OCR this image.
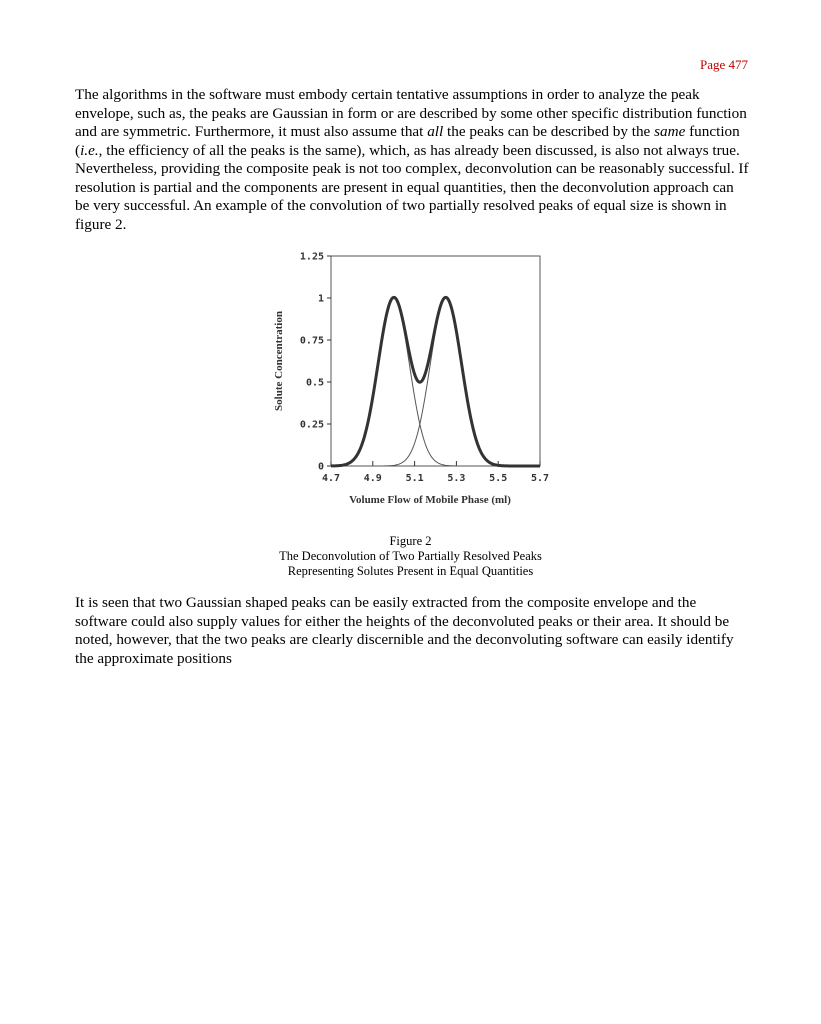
Page 477
The algorithms in the software must embody certain tentative assumptions in order to analyze the peak envelope, such as, the peaks are Gaussian in form or are described by some other specific distribution function and are symmetric. Furthermore, it must also assume that all the peaks can be described by the same function (i.e., the efficiency of all the peaks is the same), which, as has already been discussed, is also not always true. Nevertheless, providing the composite peak is not too complex, deconvolution can be reasonably successful. If resolution is partial and the components are present in equal quantities, then the deconvolution approach can be very successful. An example of the convolution of two partially resolved peaks of equal size is shown in figure 2.
0
0.25
0.5
0.75
1
1.25
4.7 4.9 5.1 5.3 5.5 5.7
Volume Flow of Mobile Phase (ml)
Solute Concentration
Figure 2
The Deconvolution of Two Partially Resolved Peaks
Representing Solutes Present in Equal Quantities
It is seen that two Gaussian shaped peaks can be easily extracted from the composite envelope and the software could also supply values for either the heights of the deconvoluted peaks or their area. It should be noted, however, that the two peaks are clearly discernible and the deconvoluting software can easily identify the approximate positions
